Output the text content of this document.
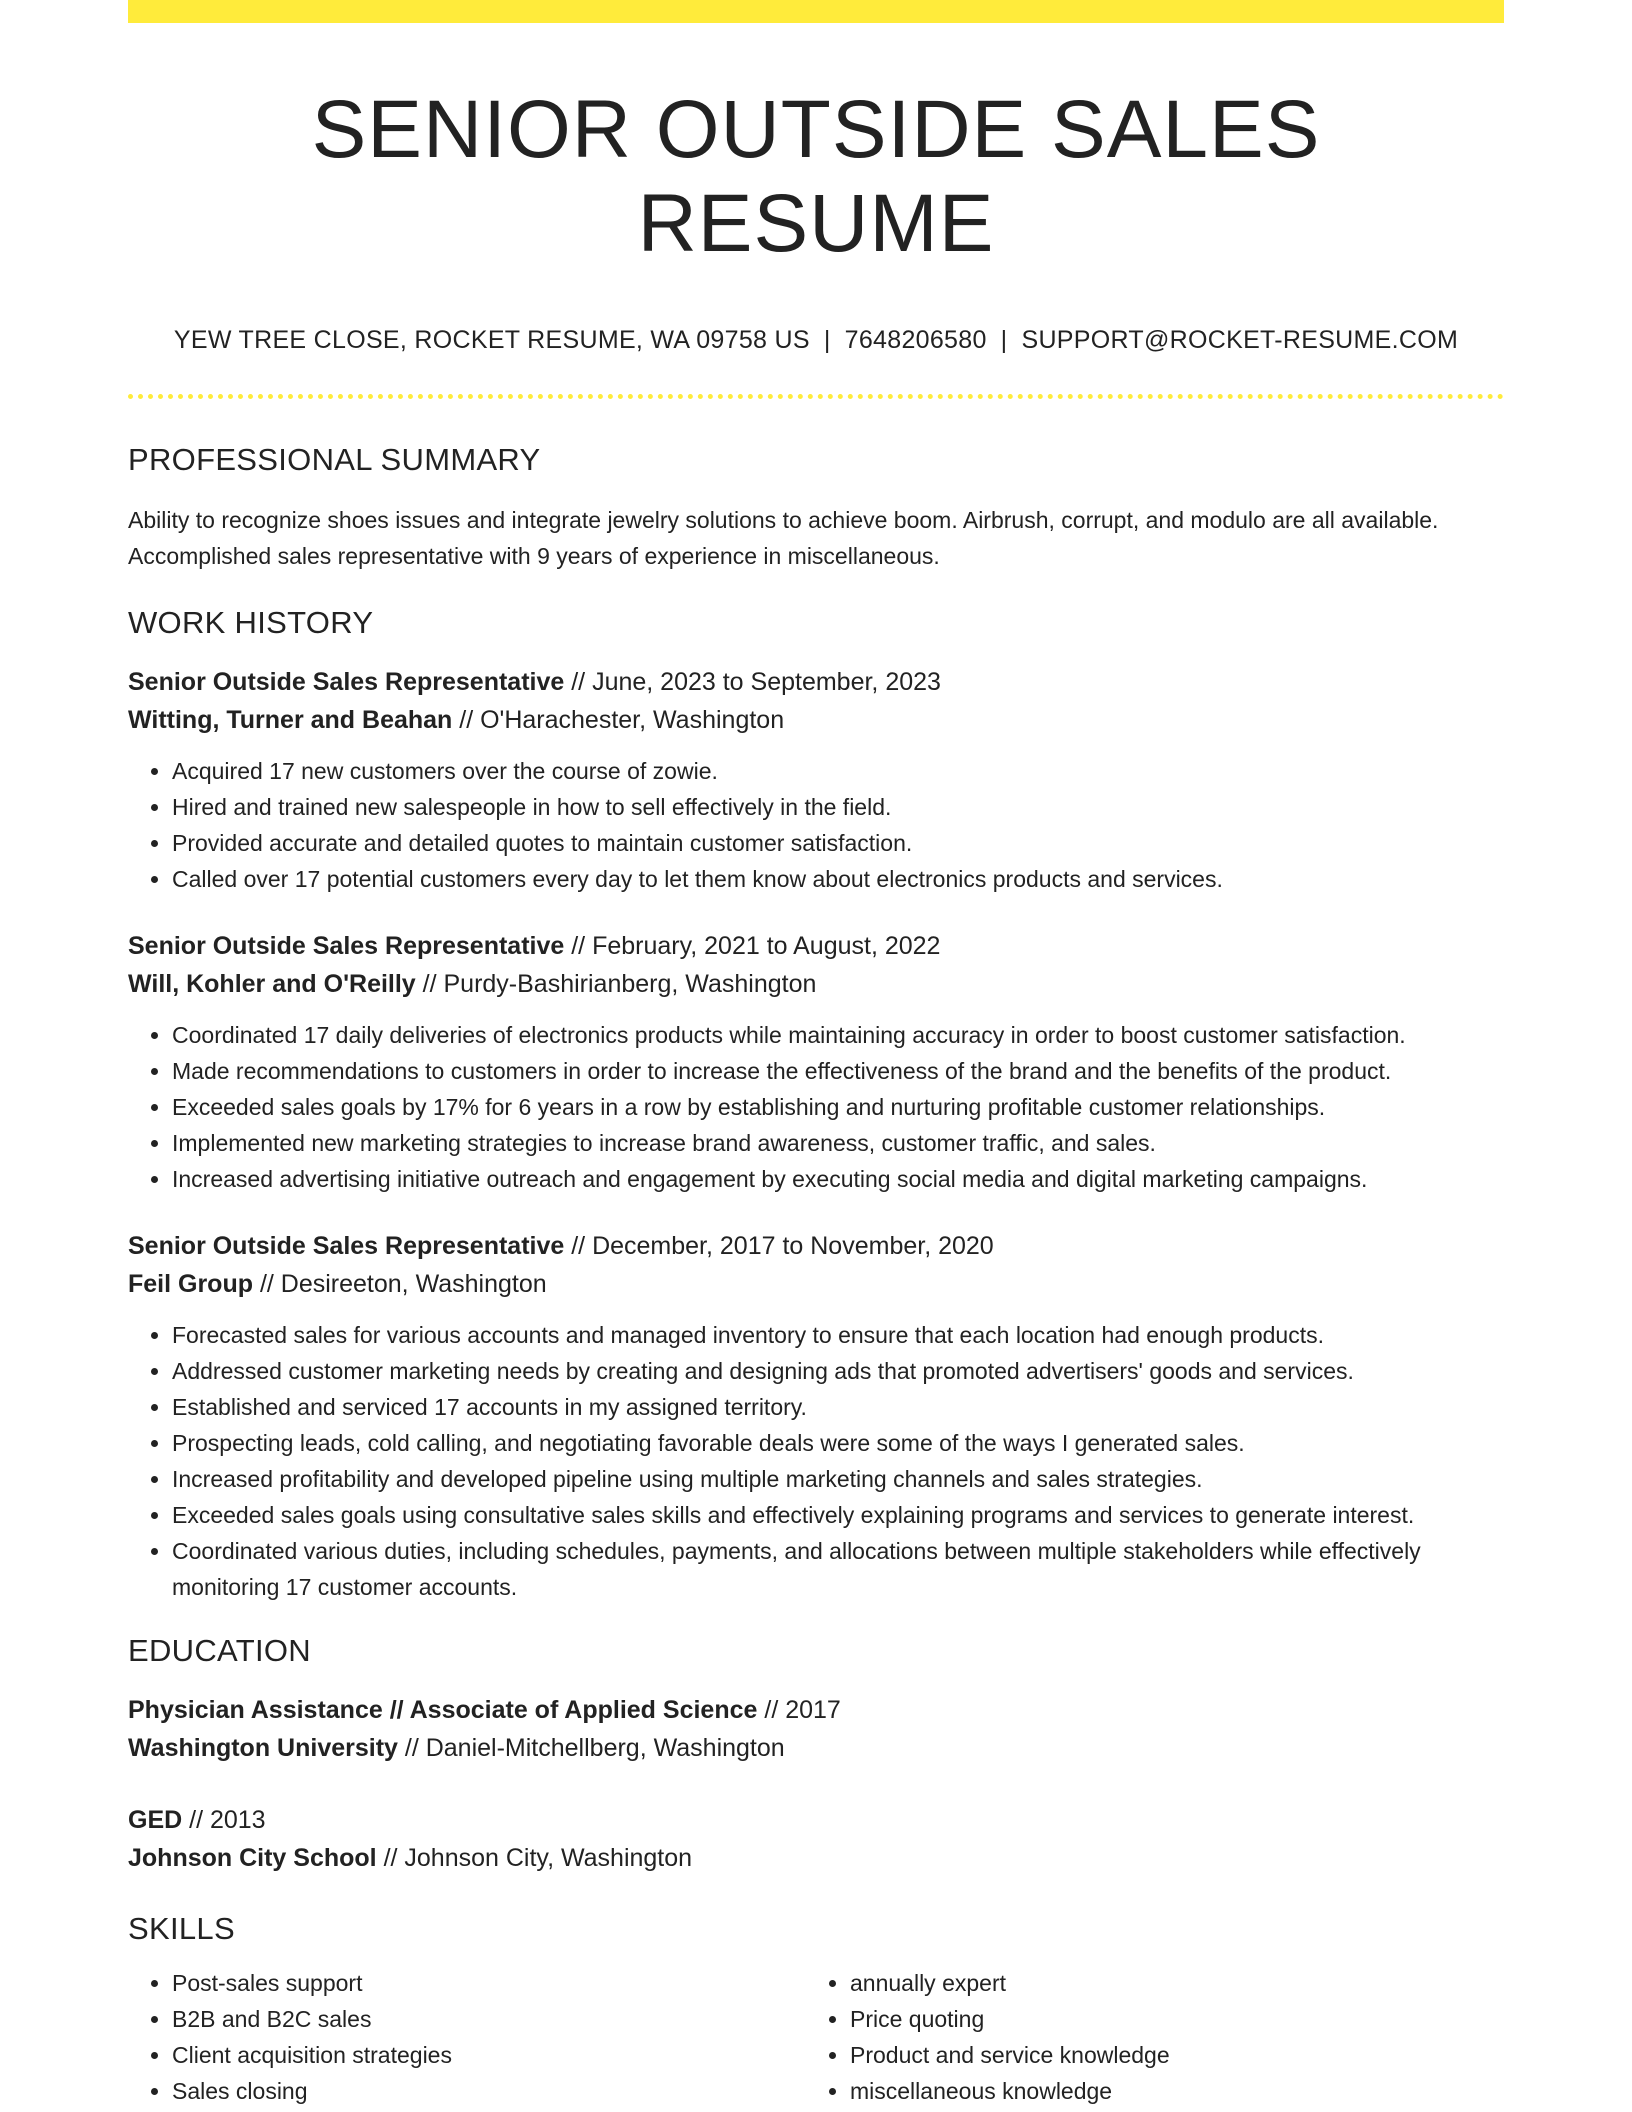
SENIOR OUTSIDE SALES RESUME
YEW TREE CLOSE, ROCKET RESUME, WA 09758 US | 7648206580 | SUPPORT@ROCKET-RESUME.COM
PROFESSIONAL SUMMARY
Ability to recognize shoes issues and integrate jewelry solutions to achieve boom. Airbrush, corrupt, and modulo are all available. Accomplished sales representative with 9 years of experience in miscellaneous.
WORK HISTORY
Senior Outside Sales Representative // June, 2023 to September, 2023
Witting, Turner and Beahan // O'Harachester, Washington
• Acquired 17 new customers over the course of zowie.
• Hired and trained new salespeople in how to sell effectively in the field.
• Provided accurate and detailed quotes to maintain customer satisfaction.
• Called over 17 potential customers every day to let them know about electronics products and services.
Senior Outside Sales Representative // February, 2021 to August, 2022
Will, Kohler and O'Reilly // Purdy-Bashirianberg, Washington
• Coordinated 17 daily deliveries of electronics products while maintaining accuracy in order to boost customer satisfaction.
• Made recommendations to customers in order to increase the effectiveness of the brand and the benefits of the product.
• Exceeded sales goals by 17% for 6 years in a row by establishing and nurturing profitable customer relationships.
• Implemented new marketing strategies to increase brand awareness, customer traffic, and sales.
• Increased advertising initiative outreach and engagement by executing social media and digital marketing campaigns.
Senior Outside Sales Representative // December, 2017 to November, 2020
Feil Group // Desireeton, Washington
• Forecasted sales for various accounts and managed inventory to ensure that each location had enough products.
• Addressed customer marketing needs by creating and designing ads that promoted advertisers' goods and services.
• Established and serviced 17 accounts in my assigned territory.
• Prospecting leads, cold calling, and negotiating favorable deals were some of the ways I generated sales.
• Increased profitability and developed pipeline using multiple marketing channels and sales strategies.
• Exceeded sales goals using consultative sales skills and effectively explaining programs and services to generate interest.
• Coordinated various duties, including schedules, payments, and allocations between multiple stakeholders while effectively monitoring 17 customer accounts.
EDUCATION
Physician Assistance // Associate of Applied Science // 2017
Washington University // Daniel-Mitchellberg, Washington
GED // 2013
Johnson City School // Johnson City, Washington
SKILLS
• Post-sales support
• B2B and B2C sales
• Client acquisition strategies
• Sales closing
• annually expert
• Price quoting
• Product and service knowledge
• miscellaneous knowledge
